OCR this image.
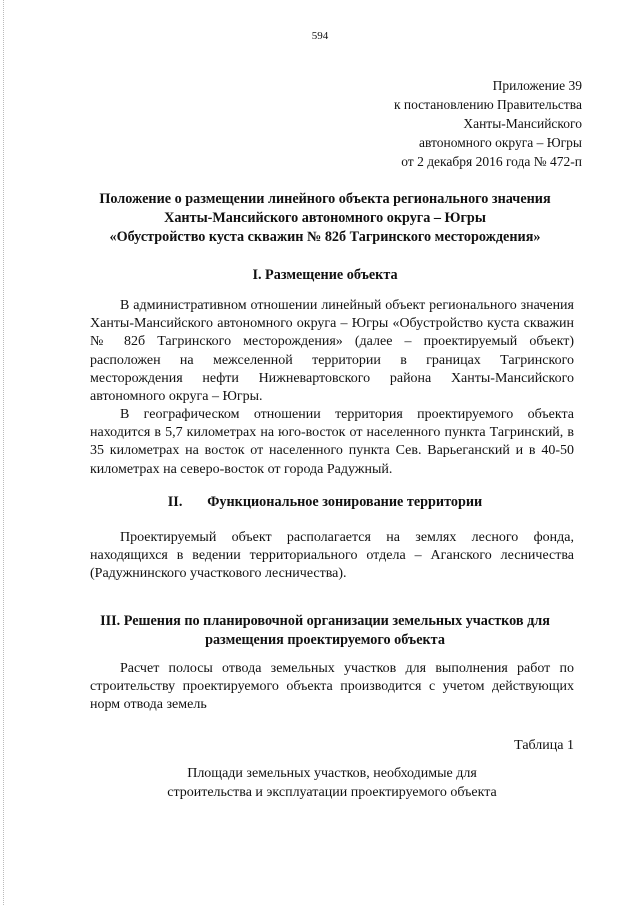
594
Приложение 39
к постановлению Правительства
Ханты-Мансийского
автономного округа – Югры
от 2 декабря 2016 года № 472-п
Положение о размещении линейного объекта регионального значения
Ханты-Мансийского автономного округа – Югры
«Обустройство куста скважин № 82б Тагринского месторождения»
I. Размещение объекта
В административном отношении линейный объект регионального значения Ханты-Мансийского автономного округа – Югры «Обустройство куста скважин № 82б Тагринского месторождения» (далее – проектируемый объект) расположен на межселенной территории в границах Тагринского месторождения нефти Нижневартовского района Ханты-Мансийского автономного округа – Югры.
В географическом отношении территория проектируемого объекта находится в 5,7 километрах на юго-восток от населенного пункта Тагринский, в 35 километрах на восток от населенного пункта Сев. Варьеганский и в 40-50 километрах на северо-восток от города Радужный.
II.       Функциональное зонирование территории
Проектируемый объект располагается на землях лесного фонда, находящихся в ведении территориального отдела – Аганского лесничества (Радужнинского участкового лесничества).
III. Решения по планировочной организации земельных участков для
размещения проектируемого объекта
Расчет полосы отвода земельных участков для выполнения работ по строительству проектируемого объекта производится с учетом действующих норм отвода земель
Таблица 1
Площади земельных участков, необходимые для
строительства и эксплуатации проектируемого объекта
